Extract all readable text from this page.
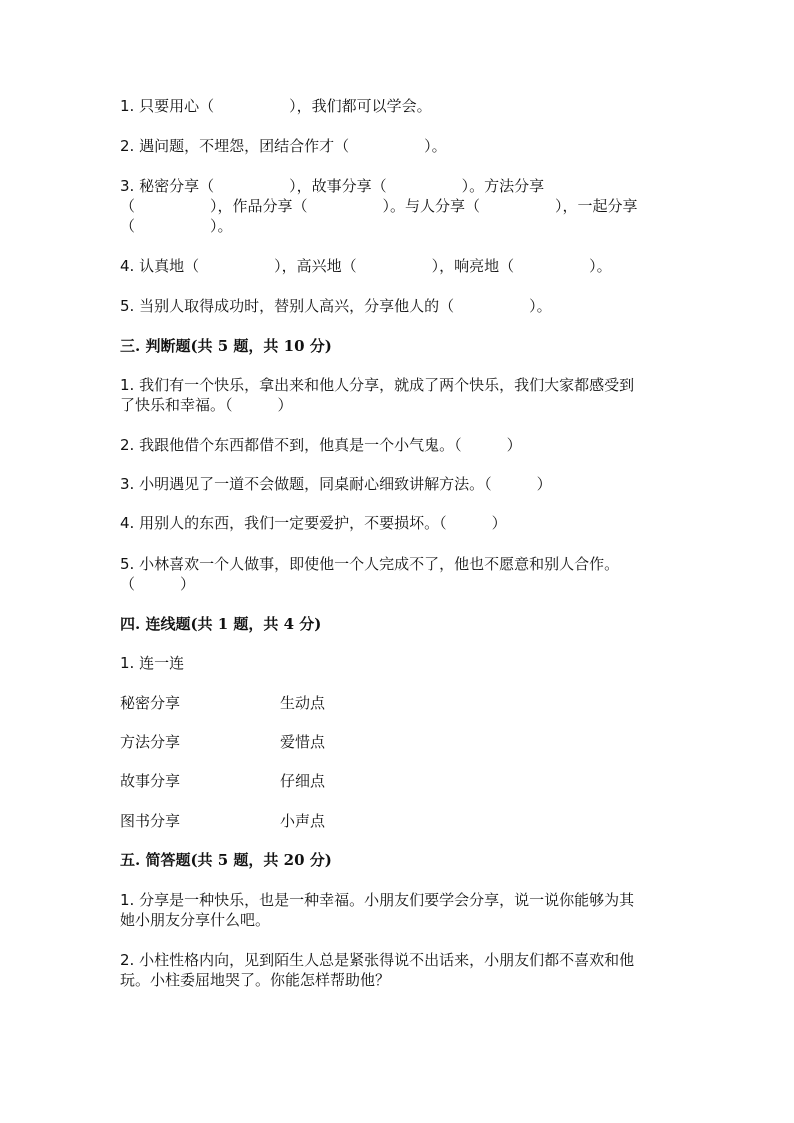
1. 只要用心（　　　　　），我们都可以学会。
2. 遇问题，不埋怨，团结合作才（　　　　　）。
3. 秘密分享（　　　　　），故事分享（　　　　　）。方法分享
（　　　　　），作品分享（　　　　　）。与人分享（　　　　　），一起分享
（　　　　　）。
4. 认真地（　　　　　），高兴地（　　　　　），响亮地（　　　　　）。
5. 当别人取得成功时，替别人高兴，分享他人的（　　　　　）。
三. 判断题(共 5 题，共 10 分)
1. 我们有一个快乐，拿出来和他人分享，就成了两个快乐，我们大家都感受到
了快乐和幸福。（　　　）
2. 我跟他借个东西都借不到，他真是一个小气鬼。（　　　）
3. 小明遇见了一道不会做题，同桌耐心细致讲解方法。（　　　）
4. 用别人的东西，我们一定要爱护，不要损坏。（　　　）
5. 小林喜欢一个人做事，即使他一个人完成不了，他也不愿意和别人合作。
（　　　）
四. 连线题(共 1 题，共 4 分)
1. 连一连
秘密分享	生动点
方法分享	爱惜点
故事分享	仔细点
图书分享	小声点
五. 简答题(共 5 题，共 20 分)
1. 分享是一种快乐，也是一种幸福。小朋友们要学会分享，说一说你能够为其
她小朋友分享什么吧。
2. 小柱性格内向，见到陌生人总是紧张得说不出话来，小朋友们都不喜欢和他
玩。小柱委屈地哭了。你能怎样帮助他？
